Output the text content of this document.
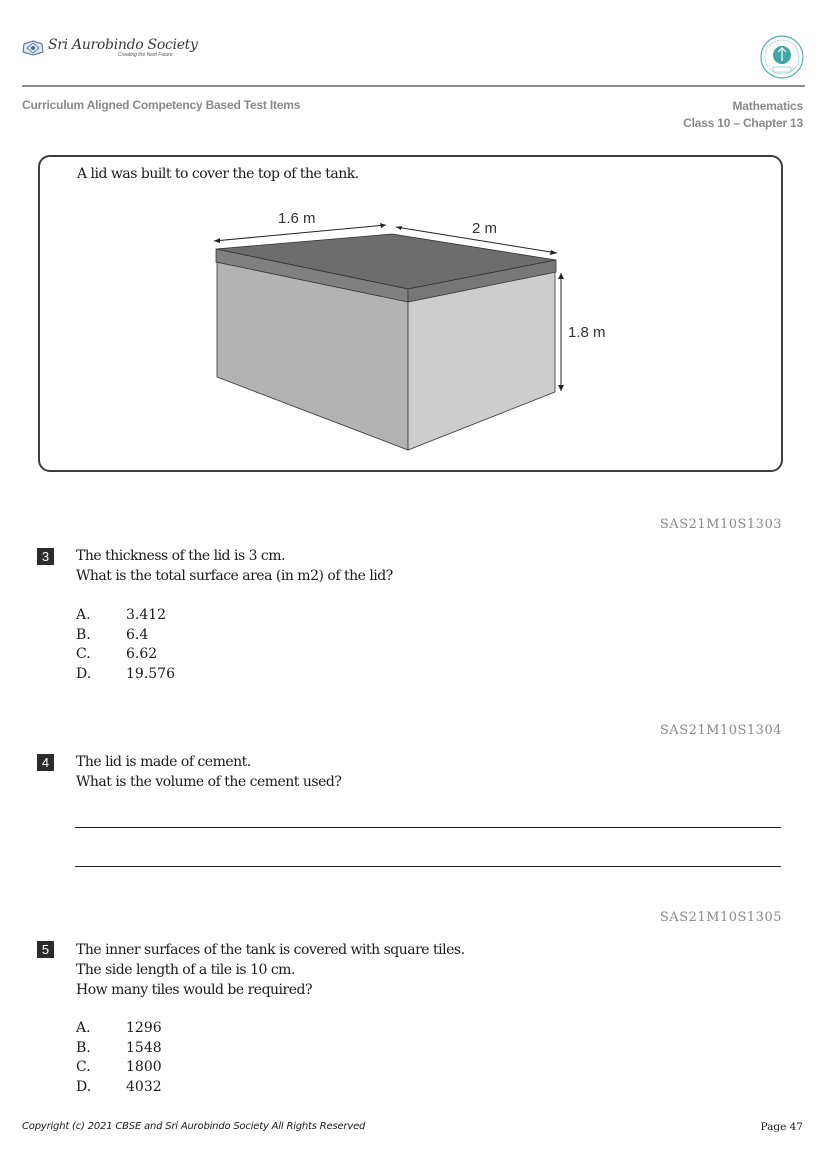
Sri Aurobindo Society
Creating the Next Future
Curriculum Aligned Competency Based Test Items	Mathematics
Class 10 – Chapter 13
A lid was built to cover the top of the tank.
1.6 m
2 m
1.8 m
SAS21M10S1303
3	The thickness of the lid is 3 cm.
What is the total surface area (in m2) of the lid?
A.	3.412
B.	6.4
C.	6.62
D.	19.576
SAS21M10S1304
4	The lid is made of cement.
What is the volume of the cement used?
SAS21M10S1305
5	The inner surfaces of the tank is covered with square tiles.
The side length of a tile is 10 cm.
How many tiles would be required?
A.	1296
B.	1548
C.	1800
D.	4032
Copyright (c) 2021 CBSE and Sri Aurobindo Society All Rights Reserved	Page 47
